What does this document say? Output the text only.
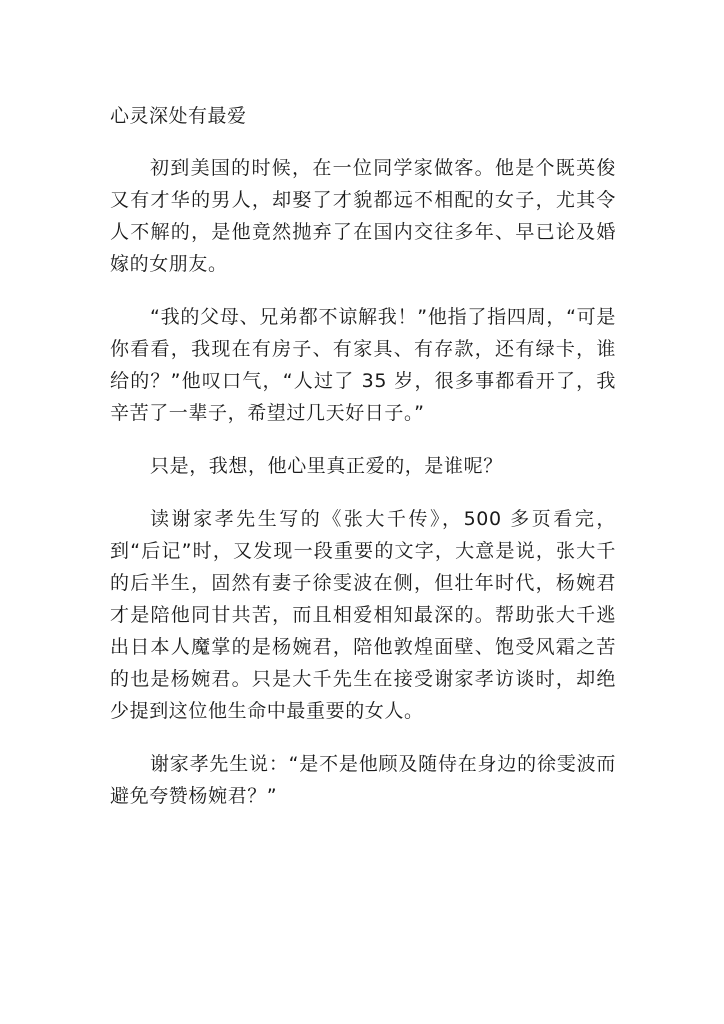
心灵深处有最爱

初到美国的时候，在一位同学家做客。他是个既英俊又有才华的男人，却娶了才貌都远不相配的女子，尤其令人不解的，是他竟然抛弃了在国内交往多年、早已论及婚嫁的女朋友。

“我的父母、兄弟都不谅解我！”他指了指四周，“可是你看看，我现在有房子、有家具、有存款，还有绿卡，谁给的？”他叹口气，“人过了 35 岁，很多事都看开了，我辛苦了一辈子，希望过几天好日子。”

只是，我想，他心里真正爱的，是谁呢？

读谢家孝先生写的《张大千传》，500 多页看完，到“后记”时，又发现一段重要的文字，大意是说，张大千的后半生，固然有妻子徐雯波在侧，但壮年时代，杨婉君才是陪他同甘共苦，而且相爱相知最深的。帮助张大千逃出日本人魔掌的是杨婉君，陪他敦煌面壁、饱受风霜之苦的也是杨婉君。只是大千先生在接受谢家孝访谈时，却绝少提到这位他生命中最重要的女人。

谢家孝先生说：“是不是他顾及随侍在身边的徐雯波而避免夸赞杨婉君？”
